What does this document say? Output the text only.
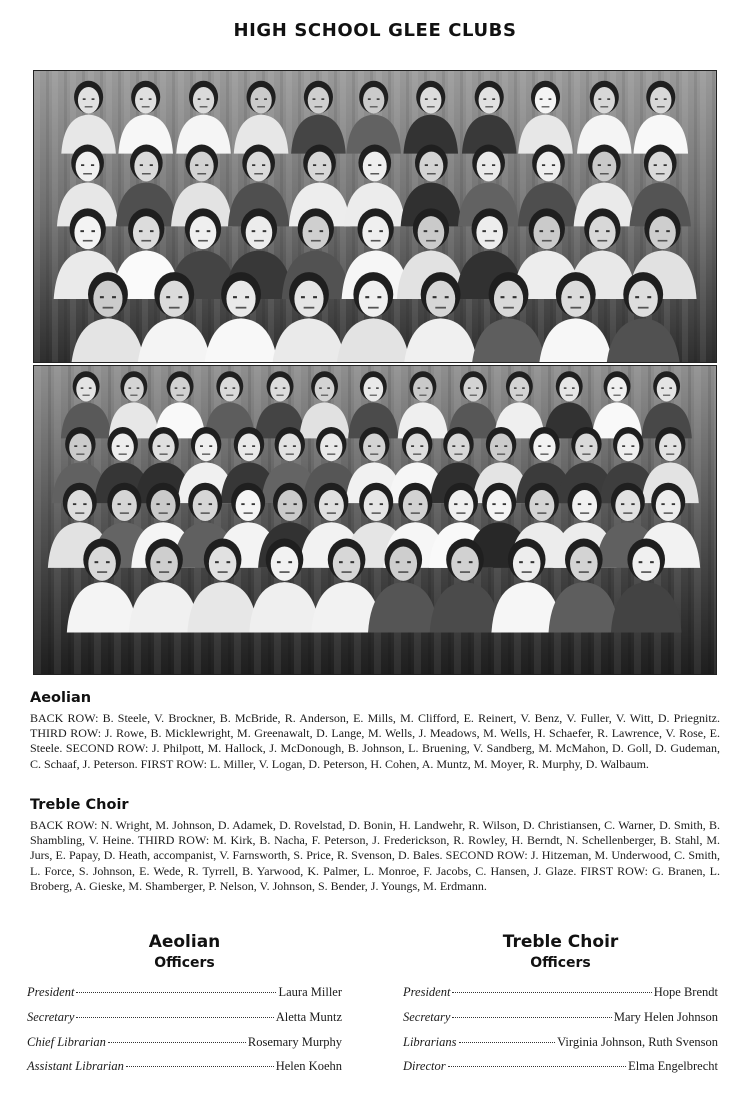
HIGH SCHOOL GLEE CLUBS
Aeolian

BACK ROW: B. Steele, V. Brockner, B. McBride, R. Anderson, E. Mills, M. Clifford, E. Reinert, V. Benz, V. Fuller, V. Witt, D. Priegnitz. THIRD ROW: J. Rowe, B. Micklewright, M. Greenawalt, D. Lange, M. Wells, J. Meadows, M. Wells, H. Schaefer, R. Lawrence, V. Rose, E. Steele. SECOND ROW: J. Philpott, M. Hallock, J. McDonough, B. Johnson, L. Bruening, V. Sandberg, M. McMahon, D. Goll, D. Gudeman, C. Schaaf, J. Peterson. FIRST ROW: L. Miller, V. Logan, D. Peterson, H. Cohen, A. Muntz, M. Moyer, R. Murphy, D. Walbaum.

Treble Choir

BACK ROW: N. Wright, M. Johnson, D. Adamek, D. Rovelstad, D. Bonin, H. Landwehr, R. Wilson, D. Christiansen, C. Warner, D. Smith, B. Shambling, V. Heine. THIRD ROW: M. Kirk, B. Nacha, F. Peterson, J. Frederickson, R. Rowley, H. Berndt, N. Schellenberger, B. Stahl, M. Jurs, E. Papay, D. Heath, accompanist, V. Farnsworth, S. Price, R. Svenson, D. Bales. SECOND ROW: J. Hitzeman, M. Underwood, C. Smith, L. Force, S. Johnson, E. Wede, R. Tyrrell, B. Yarwood, K. Palmer, L. Monroe, F. Jacobs, C. Hansen, J. Glaze. FIRST ROW: G. Branen, L. Broberg, A. Gieske, M. Shamberger, P. Nelson, V. Johnson, S. Bender, J. Youngs, M. Erdmann.

Aeolian
Officers
President	Laura Miller
Secretary	Aletta Muntz
Chief Librarian	Rosemary Murphy
Assistant Librarian	Helen Koehn
Treble Choir
Officers
President	Hope Brendt
Secretary	Mary Helen Johnson
Librarians	Virginia Johnson, Ruth Svenson
Director	Elma Engelbrecht
